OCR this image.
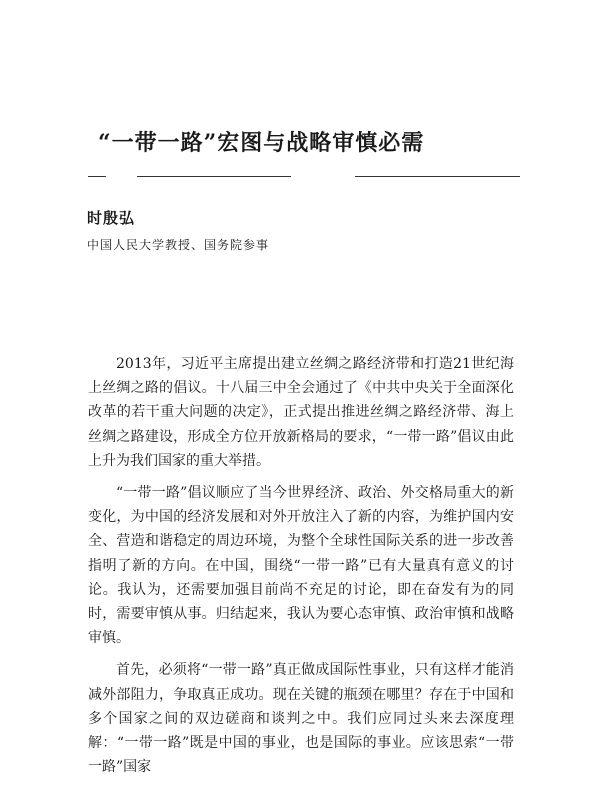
“一带一路”宏图与战略审慎必需
时殷弘
中国人民大学教授、国务院参事

2013年，习近平主席提出建立丝绸之路经济带和打造21世纪海上丝绸之路的倡议。十八届三中全会通过了《中共中央关于全面深化改革的若干重大问题的决定》，正式提出推进丝绸之路经济带、海上丝绸之路建设，形成全方位开放新格局的要求，“一带一路”倡议由此上升为我们国家的重大举措。

“一带一路”倡议顺应了当今世界经济、政治、外交格局重大的新变化，为中国的经济发展和对外开放注入了新的内容，为维护国内安全、营造和谐稳定的周边环境，为整个全球性国际关系的进一步改善指明了新的方向。在中国，围绕“一带一路”已有大量真有意义的讨论。我认为，还需要加强目前尚不充足的讨论，即在奋发有为的同时，需要审慎从事。归结起来，我认为要心态审慎、政治审慎和战略审慎。

首先，必须将“一带一路”真正做成国际性事业，只有这样才能消减外部阻力，争取真正成功。现在关键的瓶颈在哪里？存在于中国和多个国家之间的双边磋商和谈判之中。我们应同过头来去深度理解：“一带一路”既是中国的事业，也是国际的事业。应该思索“一带一路”国家
